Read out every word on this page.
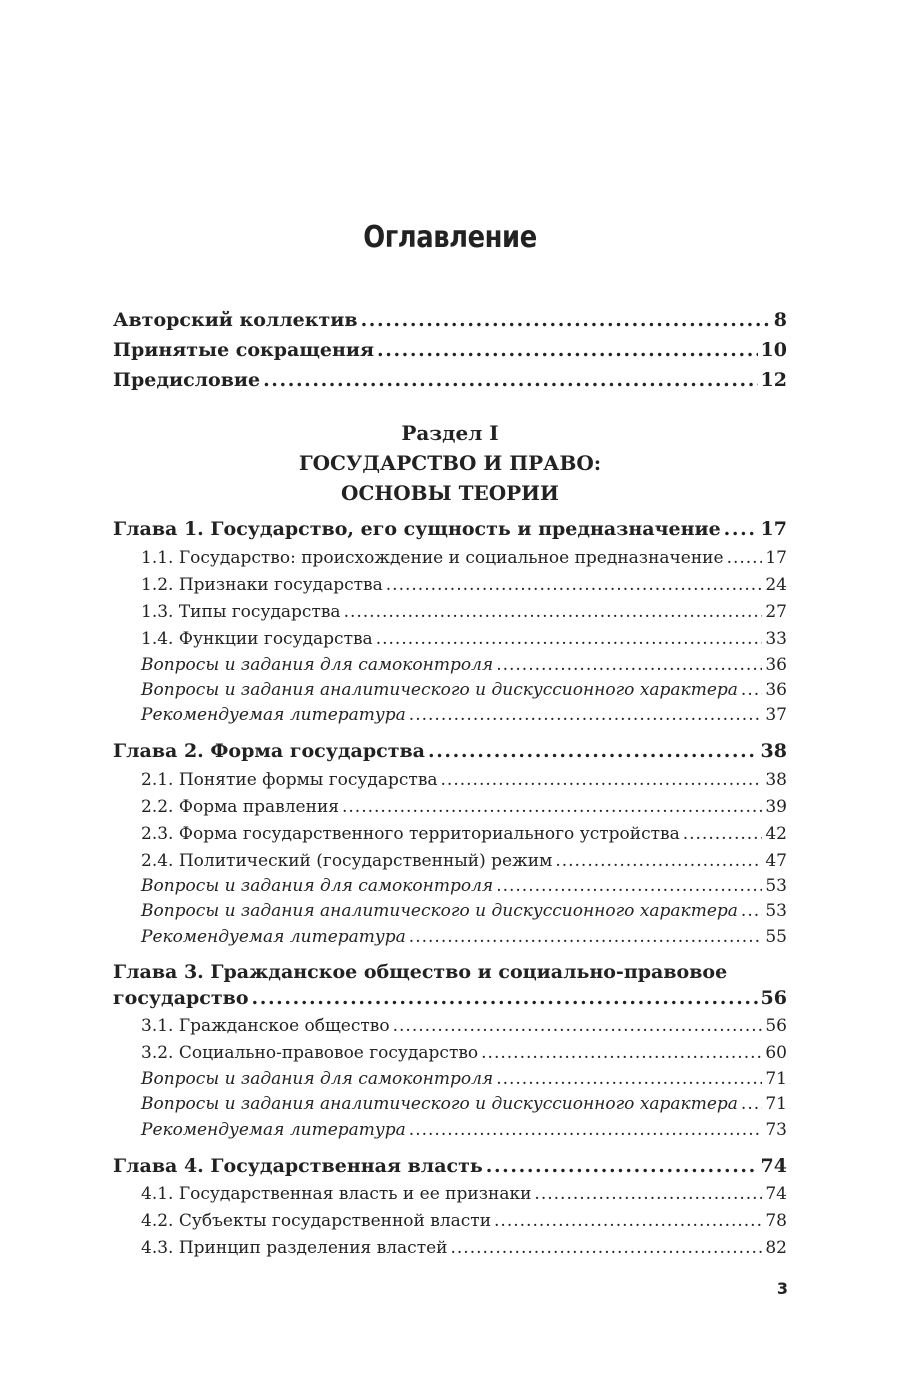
Оглавление
Авторский коллектив .....	8
Принятые сокращения .....	10
Предисловие .....	12
Раздел I
ГОСУДАРСТВО И ПРАВО:
ОСНОВЫ ТЕОРИИ
Глава 1. Государство, его сущность и предназначение ..... 17
1.1. Государство: происхождение и социальное предназначение ..... 17
1.2. Признаки государства .....	24
1.3. Типы государства .....	27
1.4. Функции государства .....	33
Вопросы и задания для самоконтроля .....	36
Вопросы и задания аналитического и дискуссионного характера ..... 36
Рекомендуемая литература .....	37
Глава 2. Форма государства .....	38
2.1. Понятие формы государства .....	38
2.2. Форма правления .....	39
2.3. Форма государственного территориального устройства .....	42
2.4. Политический (государственный) режим .....	47
Вопросы и задания для самоконтроля .....	53
Вопросы и задания аналитического и дискуссионного характера ..... 53
Рекомендуемая литература .....	55
Глава 3. Гражданское общество и социально-правовое
государство .....	56
3.1. Гражданское общество .....	56
3.2. Социально-правовое государство .....	60
Вопросы и задания для самоконтроля .....	71
Вопросы и задания аналитического и дискуссионного характера ..... 71
Рекомендуемая литература .....	73
Глава 4. Государственная власть .....	74
4.1. Государственная власть и ее признаки .....	74
4.2. Субъекты государственной власти .....	78
4.3. Принцип разделения властей .....	82
3
